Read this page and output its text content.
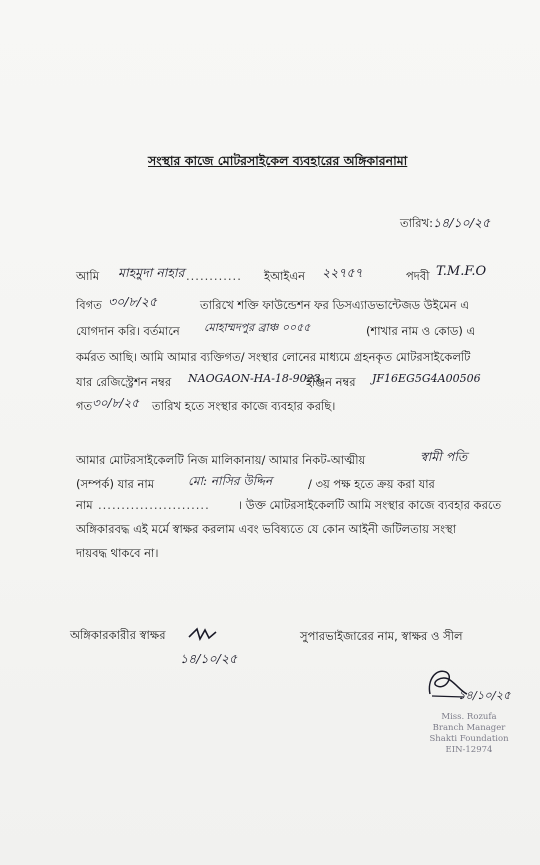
সংস্থার কাজে মোটরসাইকেল ব্যবহারের অঙ্গিকারনামা
তারিখ:১৪/১০/২৫
আমি মাহমুদা নাহার ............ ইআইএন ২২৭৫৭	পদবী T.M.F.O
বিগত ৩০/৮/২৫	তারিখে শক্তি ফাউন্ডেশন ফর ডিসএ্যাডভান্টেজড উইমেন এ
যোগদান করি। বর্তমানে মোহাম্মদপুর ব্রাঞ্চ ০০৫৫	(শাখার নাম ও কোড) এ
কর্মরত আছি। আমি আমার ব্যক্তিগত/ সংস্থার লোনের মাধ্যমে গ্রহনকৃত মোটরসাইকেলটি
যার রেজিস্ট্রেশন নম্বর NAOGAON-HA-18-9023
ইঞ্জিন নম্বর JF16EG5G4A00506
গত ৩০/৮/২৫ তারিখ হতে সংস্থার কাজে ব্যবহার করছি।
আমার মোটরসাইকেলটি নিজ মালিকানায়/ আমার নিকট-আত্মীয়	স্বামী পতি
(সম্পর্ক) যার নাম	মো: নাসির উদ্দিন	/ ৩য় পক্ষ হতে ক্রয় করা যার
নাম ........................ । উক্ত মোটরসাইকেলটি আমি সংস্থার কাজে ব্যবহার করতে
অঙ্গিকারবদ্ধ এই মর্মে স্বাক্ষর করলাম এবং ভবিষ্যতে যে কোন আইনী জটিলতায় সংস্থা
দায়বদ্ধ থাকবে না।
অঙ্গিকারকারীর স্বাক্ষর
১৪/১০/২৫
সুপারভাইজারের নাম, স্বাক্ষর ও সীল
১৪/১০/২৫
Miss. Rozufa
Branch Manager
Shakti Foundation
EIN-12974
